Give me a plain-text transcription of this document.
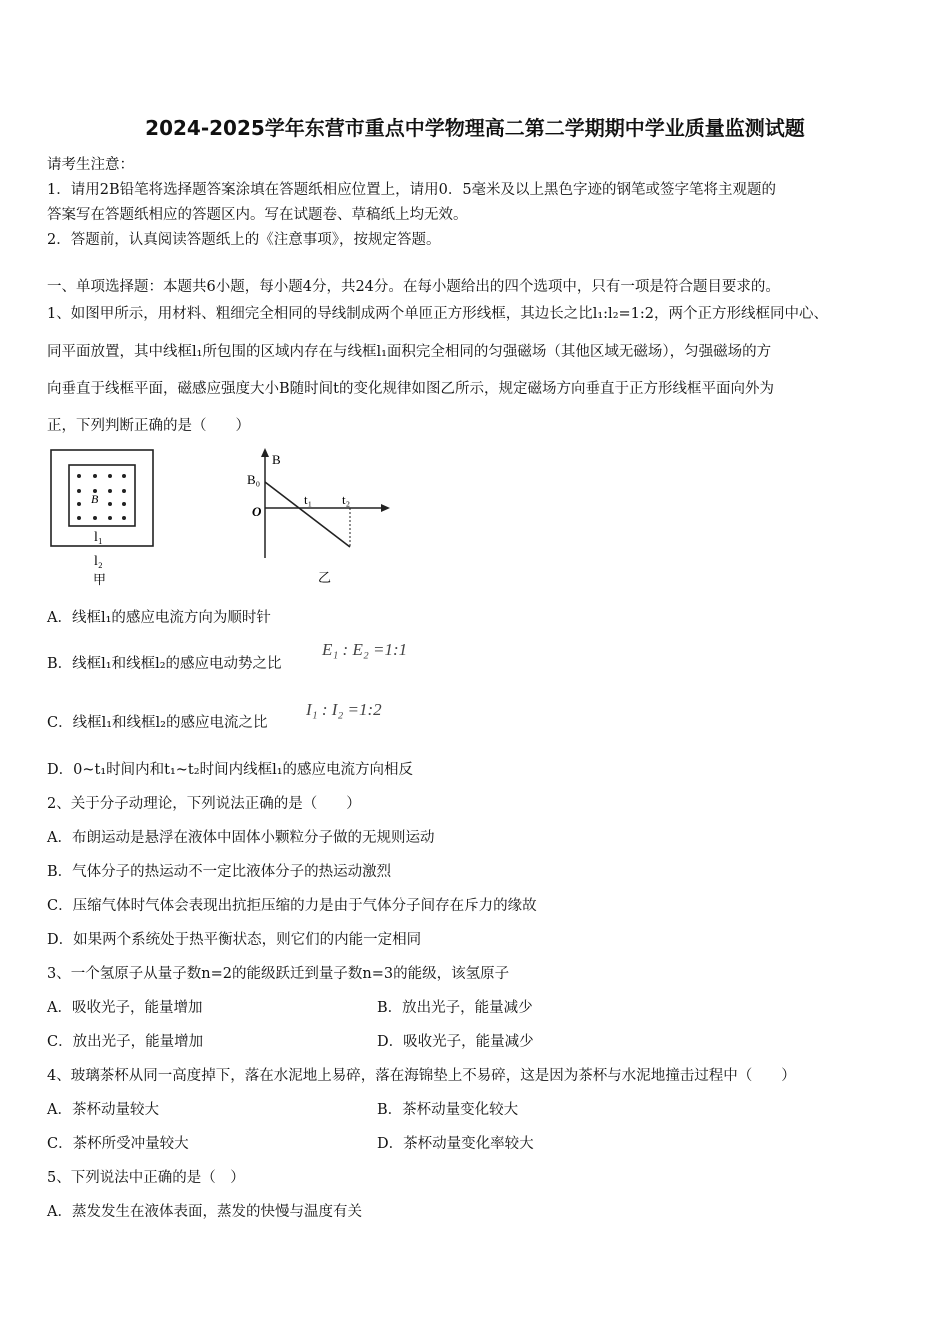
2024-2025学年东营市重点中学物理高二第二学期期中学业质量监测试题
请考生注意：
1．请用2B铅笔将选择题答案涂填在答题纸相应位置上，请用0．5毫米及以上黑色字迹的钢笔或签字笔将主观题的
答案写在答题纸相应的答题区内。写在试题卷、草稿纸上均无效。
2．答题前，认真阅读答题纸上的《注意事项》，按规定答题。
一、单项选择题：本题共6小题，每小题4分，共24分。在每小题给出的四个选项中，只有一项是符合题目要求的。
1、如图甲所示，用材料、粗细完全相同的导线制成两个单匝正方形线框，其边长之比l₁:l₂=1:2，两个正方形线框同中心、
同平面放置，其中线框l₁所包围的区域内存在与线框l₁面积完全相同的匀强磁场（其他区域无磁场），匀强磁场的方
向垂直于线框平面，磁感应强度大小B随时间t的变化规律如图乙所示，规定磁场方向垂直于正方形线框平面向外为
正，下列判断正确的是（　　）
B
l₁
l₂
甲
B
B₀
O
t₁ t₂
乙
A．线框l₁的感应电流方向为顺时针
B．线框l₁和线框l₂的感应电动势之比
E₁ : E₂ =1:1
C．线框l₁和线框l₂的感应电流之比
I₁ : I₂ =1:2
D．0~t₁时间内和t₁~t₂时间内线框l₁的感应电流方向相反
2、关于分子动理论，下列说法正确的是（　　）
A．布朗运动是悬浮在液体中固体小颗粒分子做的无规则运动
B．气体分子的热运动不一定比液体分子的热运动激烈
C．压缩气体时气体会表现出抗拒压缩的力是由于气体分子间存在斥力的缘故
D．如果两个系统处于热平衡状态，则它们的内能一定相同
3、一个氢原子从量子数n=2的能级跃迁到量子数n=3的能级，该氢原子
A．吸收光子，能量增加	B．放出光子，能量减少
C．放出光子，能量增加	D．吸收光子，能量减少
4、玻璃茶杯从同一高度掉下，落在水泥地上易碎，落在海锦垫上不易碎，这是因为茶杯与水泥地撞击过程中（　　）
A．茶杯动量较大	B．茶杯动量变化较大
C．茶杯所受冲量较大	D．茶杯动量变化率较大
5、下列说法中正确的是（　）
A．蒸发发生在液体表面，蒸发的快慢与温度有关
